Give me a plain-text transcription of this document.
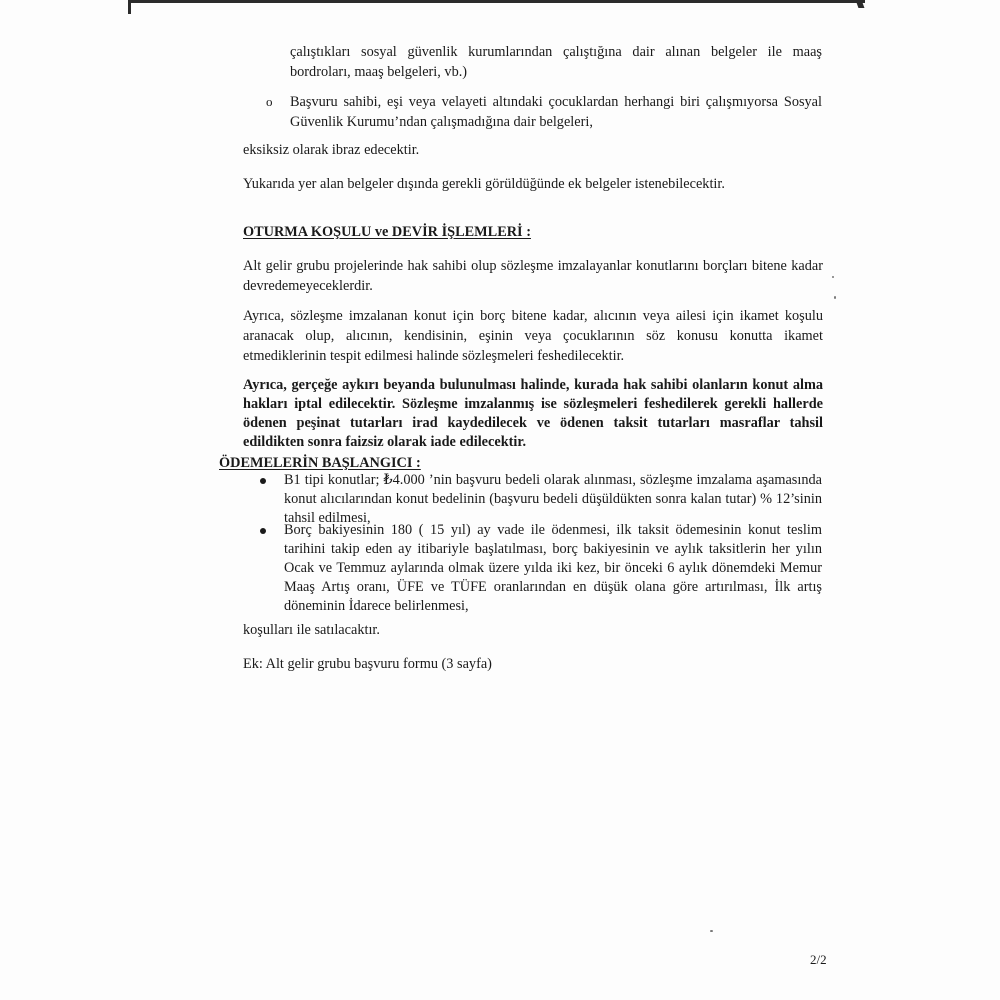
çalıştıkları sosyal güvenlik kurumlarından çalıştığına dair alınan belgeler ile maaş bordroları, maaş belgeleri, vb.)

o Başvuru sahibi, eşi veya velayeti altındaki çocuklardan herhangi biri çalışmıyorsa Sosyal Güvenlik Kurumu’ndan çalışmadığına dair belgeleri,

eksiksiz olarak ibraz edecektir.

Yukarıda yer alan belgeler dışında gerekli görüldüğünde ek belgeler istenebilecektir.

OTURMA KOŞULU ve DEVİR İŞLEMLERİ :

Alt gelir grubu projelerinde hak sahibi olup sözleşme imzalayanlar konutlarını borçları bitene kadar devredemeyeceklerdir.

Ayrıca, sözleşme imzalanan konut için borç bitene kadar, alıcının veya ailesi için ikamet koşulu aranacak olup, alıcının, kendisinin, eşinin veya çocuklarının söz konusu konutta ikamet etmediklerinin tespit edilmesi halinde sözleşmeleri feshedilecektir.

Ayrıca, gerçeğe aykırı beyanda bulunulması halinde, kurada hak sahibi olanların konut alma hakları iptal edilecektir. Sözleşme imzalanmış ise sözleşmeleri feshedilerek gerekli hallerde ödenen peşinat tutarları irad kaydedilecek ve ödenen taksit tutarları masraflar tahsil edildikten sonra faizsiz olarak iade edilecektir.

ÖDEMELERİN BAŞLANGICI :

B1 tipi konutlar; ₺4.000 ’nin başvuru bedeli olarak alınması, sözleşme imzalama aşamasında konut alıcılarından konut bedelinin (başvuru bedeli düşüldükten sonra kalan tutar) % 12’sinin tahsil edilmesi,

Borç bakiyesinin 180 ( 15 yıl) ay vade ile ödenmesi, ilk taksit ödemesinin konut teslim tarihini takip eden ay itibariyle başlatılması, borç bakiyesinin ve aylık taksitlerin her yılın Ocak ve Temmuz aylarında olmak üzere yılda iki kez, bir önceki 6 aylık dönemdeki Memur Maaş Artış oranı, ÜFE ve TÜFE oranlarından en düşük olana göre artırılması, İlk artış döneminin İdarece belirlenmesi,

koşulları ile satılacaktır.

Ek: Alt gelir grubu başvuru formu (3 sayfa)

2/2
